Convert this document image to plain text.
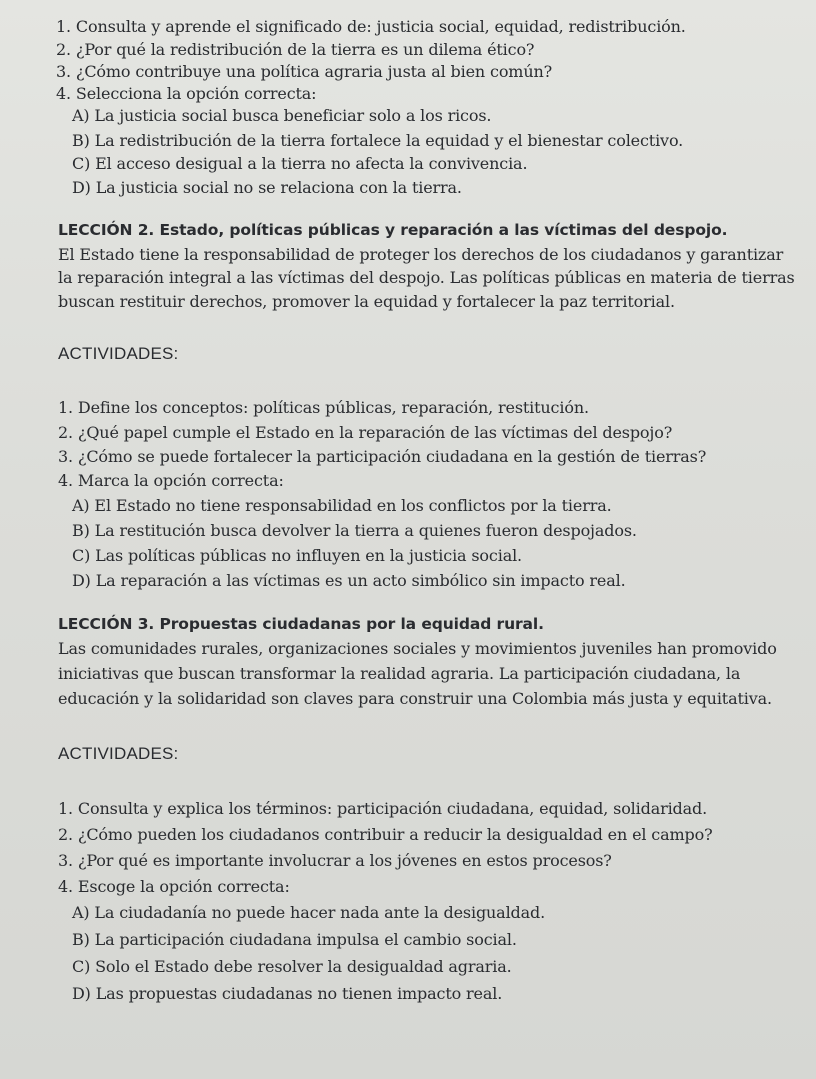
1. Consulta y aprende el significado de: justicia social, equidad, redistribución.

2. ¿Por qué la redistribución de la tierra es un dilema ético?

3. ¿Cómo contribuye una política agraria justa al bien común?

4. Selecciona la opción correcta:

A) La justicia social busca beneficiar solo a los ricos.

B) La redistribución de la tierra fortalece la equidad y el bienestar colectivo.

C) El acceso desigual a la tierra no afecta la convivencia.

D) La justicia social no se relaciona con la tierra.

LECCIÓN 2. Estado, políticas públicas y reparación a las víctimas del despojo.

El Estado tiene la responsabilidad de proteger los derechos de los ciudadanos y garantizar

la reparación integral a las víctimas del despojo. Las políticas públicas en materia de tierras

buscan restituir derechos, promover la equidad y fortalecer la paz territorial.

ACTIVIDADES:

1. Define los conceptos: políticas públicas, reparación, restitución.

2. ¿Qué papel cumple el Estado en la reparación de las víctimas del despojo?

3. ¿Cómo se puede fortalecer la participación ciudadana en la gestión de tierras?

4. Marca la opción correcta:

A) El Estado no tiene responsabilidad en los conflictos por la tierra.

B) La restitución busca devolver la tierra a quienes fueron despojados.

C) Las políticas públicas no influyen en la justicia social.

D) La reparación a las víctimas es un acto simbólico sin impacto real.

LECCIÓN 3. Propuestas ciudadanas por la equidad rural.

Las comunidades rurales, organizaciones sociales y movimientos juveniles han promovido

iniciativas que buscan transformar la realidad agraria. La participación ciudadana, la

educación y la solidaridad son claves para construir una Colombia más justa y equitativa.

ACTIVIDADES:

1. Consulta y explica los términos: participación ciudadana, equidad, solidaridad.

2. ¿Cómo pueden los ciudadanos contribuir a reducir la desigualdad en el campo?

3. ¿Por qué es importante involucrar a los jóvenes en estos procesos?

4. Escoge la opción correcta:

A) La ciudadanía no puede hacer nada ante la desigualdad.

B) La participación ciudadana impulsa el cambio social.

C) Solo el Estado debe resolver la desigualdad agraria.

D) Las propuestas ciudadanas no tienen impacto real.
